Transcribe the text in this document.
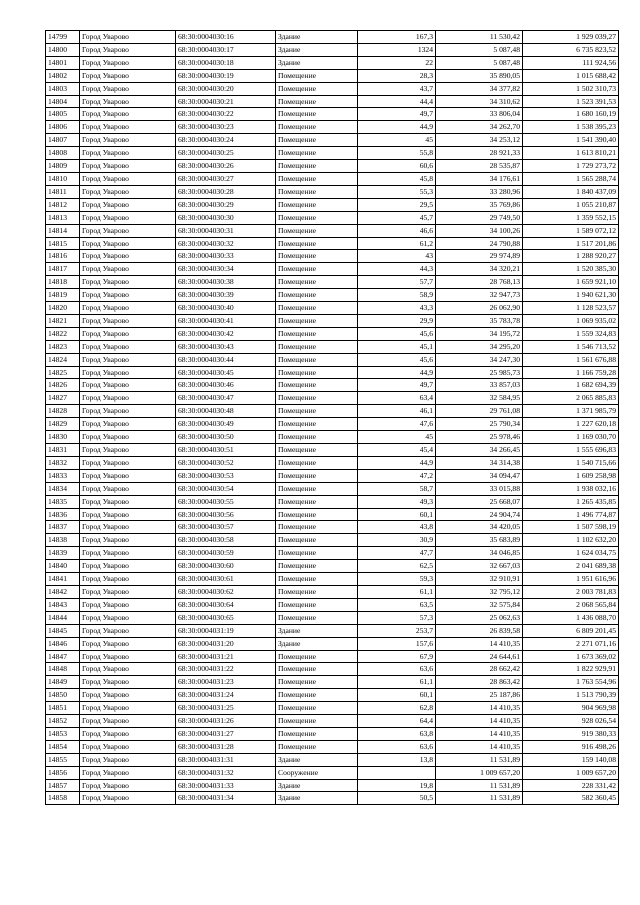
14799	Город Уварово	68:30:0004030:16	Здание	167,3	11 530,42	1 929 039,27
14800	Город Уварово	68:30:0004030:17	Здание	1324	5 087,48	6 735 823,52
14801	Город Уварово	68:30:0004030:18	Здание	22	5 087,48	111 924,56
14802	Город Уварово	68:30:0004030:19	Помещение	28,3	35 890,05	1 015 688,42
14803	Город Уварово	68:30:0004030:20	Помещение	43,7	34 377,82	1 502 310,73
14804	Город Уварово	68:30:0004030:21	Помещение	44,4	34 310,62	1 523 391,53
14805	Город Уварово	68:30:0004030:22	Помещение	49,7	33 806,04	1 680 160,19
14806	Город Уварово	68:30:0004030:23	Помещение	44,9	34 262,70	1 538 395,23
14807	Город Уварово	68:30:0004030:24	Помещение	45	34 253,12	1 541 390,40
14808	Город Уварово	68:30:0004030:25	Помещение	55,8	28 921,33	1 613 810,21
14809	Город Уварово	68:30:0004030:26	Помещение	60,6	28 535,87	1 729 273,72
14810	Город Уварово	68:30:0004030:27	Помещение	45,8	34 176,61	1 565 288,74
14811	Город Уварово	68:30:0004030:28	Помещение	55,3	33 280,96	1 840 437,09
14812	Город Уварово	68:30:0004030:29	Помещение	29,5	35 769,86	1 055 210,87
14813	Город Уварово	68:30:0004030:30	Помещение	45,7	29 749,50	1 359 552,15
14814	Город Уварово	68:30:0004030:31	Помещение	46,6	34 100,26	1 589 072,12
14815	Город Уварово	68:30:0004030:32	Помещение	61,2	24 790,88	1 517 201,86
14816	Город Уварово	68:30:0004030:33	Помещение	43	29 974,89	1 288 920,27
14817	Город Уварово	68:30:0004030:34	Помещение	44,3	34 320,21	1 520 385,30
14818	Город Уварово	68:30:0004030:38	Помещение	57,7	28 768,13	1 659 921,10
14819	Город Уварово	68:30:0004030:39	Помещение	58,9	32 947,73	1 940 621,30
14820	Город Уварово	68:30:0004030:40	Помещение	43,3	26 062,90	1 128 523,57
14821	Город Уварово	68:30:0004030:41	Помещение	29,9	35 783,78	1 069 935,02
14822	Город Уварово	68:30:0004030:42	Помещение	45,6	34 195,72	1 559 324,83
14823	Город Уварово	68:30:0004030:43	Помещение	45,1	34 295,20	1 546 713,52
14824	Город Уварово	68:30:0004030:44	Помещение	45,6	34 247,30	1 561 676,88
14825	Город Уварово	68:30:0004030:45	Помещение	44,9	25 985,73	1 166 759,28
14826	Город Уварово	68:30:0004030:46	Помещение	49,7	33 857,03	1 682 694,39
14827	Город Уварово	68:30:0004030:47	Помещение	63,4	32 584,95	2 065 885,83
14828	Город Уварово	68:30:0004030:48	Помещение	46,1	29 761,08	1 371 985,79
14829	Город Уварово	68:30:0004030:49	Помещение	47,6	25 790,34	1 227 620,18
14830	Город Уварово	68:30:0004030:50	Помещение	45	25 978,46	1 169 030,70
14831	Город Уварово	68:30:0004030:51	Помещение	45,4	34 266,45	1 555 696,83
14832	Город Уварово	68:30:0004030:52	Помещение	44,9	34 314,38	1 540 715,66
14833	Город Уварово	68:30:0004030:53	Помещение	47,2	34 094,47	1 609 258,98
14834	Город Уварово	68:30:0004030:54	Помещение	58,7	33 015,88	1 938 032,16
14835	Город Уварово	68:30:0004030:55	Помещение	49,3	25 668,07	1 265 435,85
14836	Город Уварово	68:30:0004030:56	Помещение	60,1	24 904,74	1 496 774,87
14837	Город Уварово	68:30:0004030:57	Помещение	43,8	34 420,05	1 507 598,19
14838	Город Уварово	68:30:0004030:58	Помещение	30,9	35 683,89	1 102 632,20
14839	Город Уварово	68:30:0004030:59	Помещение	47,7	34 046,85	1 624 034,75
14840	Город Уварово	68:30:0004030:60	Помещение	62,5	32 667,03	2 041 689,38
14841	Город Уварово	68:30:0004030:61	Помещение	59,3	32 910,91	1 951 616,96
14842	Город Уварово	68:30:0004030:62	Помещение	61,1	32 795,12	2 003 781,83
14843	Город Уварово	68:30:0004030:64	Помещение	63,5	32 575,84	2 068 565,84
14844	Город Уварово	68:30:0004030:65	Помещение	57,3	25 062,63	1 436 088,70
14845	Город Уварово	68:30:0004031:19	Здание	253,7	26 839,58	6 809 201,45
14846	Город Уварово	68:30:0004031:20	Здание	157,6	14 410,35	2 271 071,16
14847	Город Уварово	68:30:0004031:21	Помещение	67,9	24 644,61	1 673 369,02
14848	Город Уварово	68:30:0004031:22	Помещение	63,6	28 662,42	1 822 929,91
14849	Город Уварово	68:30:0004031:23	Помещение	61,1	28 863,42	1 763 554,96
14850	Город Уварово	68:30:0004031:24	Помещение	60,1	25 187,86	1 513 790,39
14851	Город Уварово	68:30:0004031:25	Помещение	62,8	14 410,35	904 969,98
14852	Город Уварово	68:30:0004031:26	Помещение	64,4	14 410,35	928 026,54
14853	Город Уварово	68:30:0004031:27	Помещение	63,8	14 410,35	919 380,33
14854	Город Уварово	68:30:0004031:28	Помещение	63,6	14 410,35	916 498,26
14855	Город Уварово	68:30:0004031:31	Здание	13,8	11 531,89	159 140,08
14856	Город Уварово	68:30:0004031:32	Сооружение		1 009 657,20	1 009 657,20
14857	Город Уварово	68:30:0004031:33	Здание	19,8	11 531,89	228 331,42
14858	Город Уварово	68:30:0004031:34	Здание	50,5	11 531,89	582 360,45
